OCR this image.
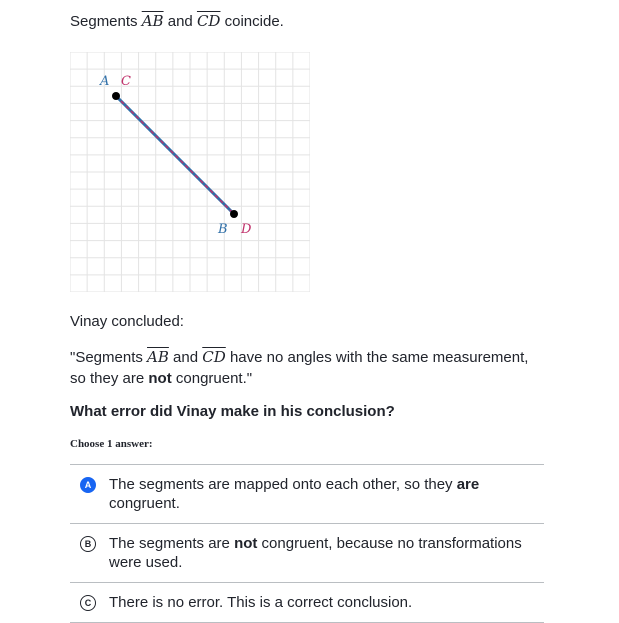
Segments $\overline{AB}$ and $\overline{CD}$ coincide.
A C
B D
Vinay concluded:
"Segments $\overline{AB}$ and $\overline{CD}$ have no angles with the same measurement, so they are not congruent."
What error did Vinay make in his conclusion?
Choose 1 answer:
A	The segments are mapped onto each other, so they are congruent.
B	The segments are not congruent, because no transformations were used.
C	There is no error. This is a correct conclusion.
